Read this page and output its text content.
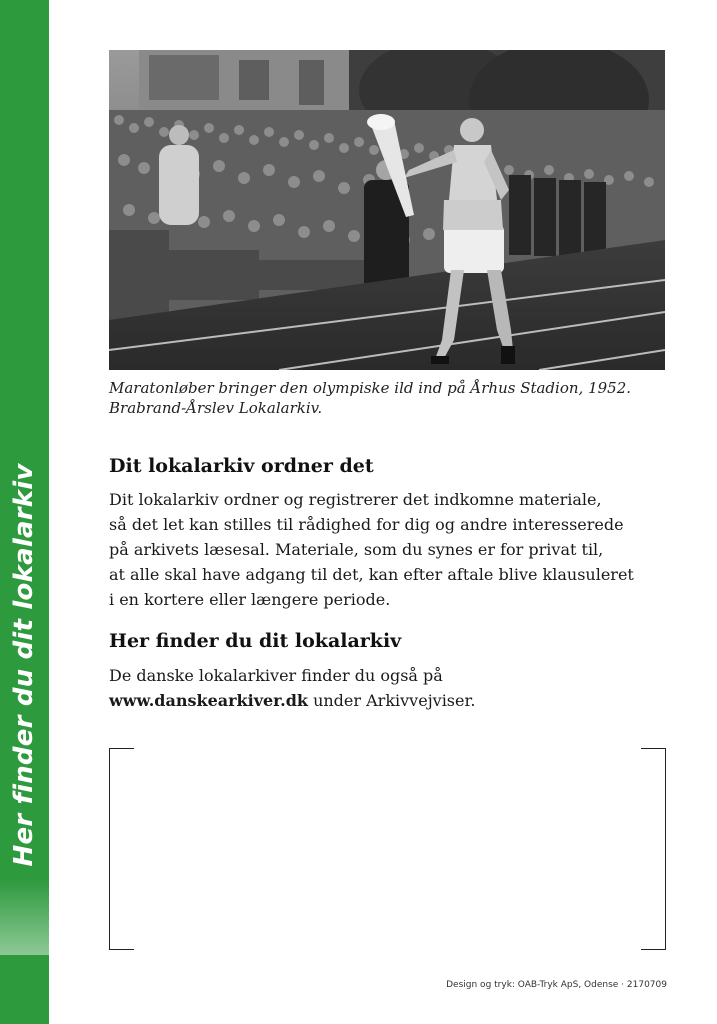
Her finder du dit lokalarkiv
Maratonløber bringer den olympiske ild ind på Århus Stadion, 1952.
Brabrand-Årslev Lokalarkiv.
Dit lokalarkiv ordner det
Dit lokalarkiv ordner og registrerer det indkomne materiale,
så det let kan stilles til rådighed for dig og andre interesserede
på arkivets læsesal. Materiale, som du synes er for privat til,
at alle skal have adgang til det, kan efter aftale blive klausuleret
i en kortere eller længere periode.
Her finder du dit lokalarkiv
De danske lokalarkiver finder du også på
www.danskearkiver.dk under Arkivvejviser.
Design og tryk: OAB-Tryk ApS, Odense · 2170709
